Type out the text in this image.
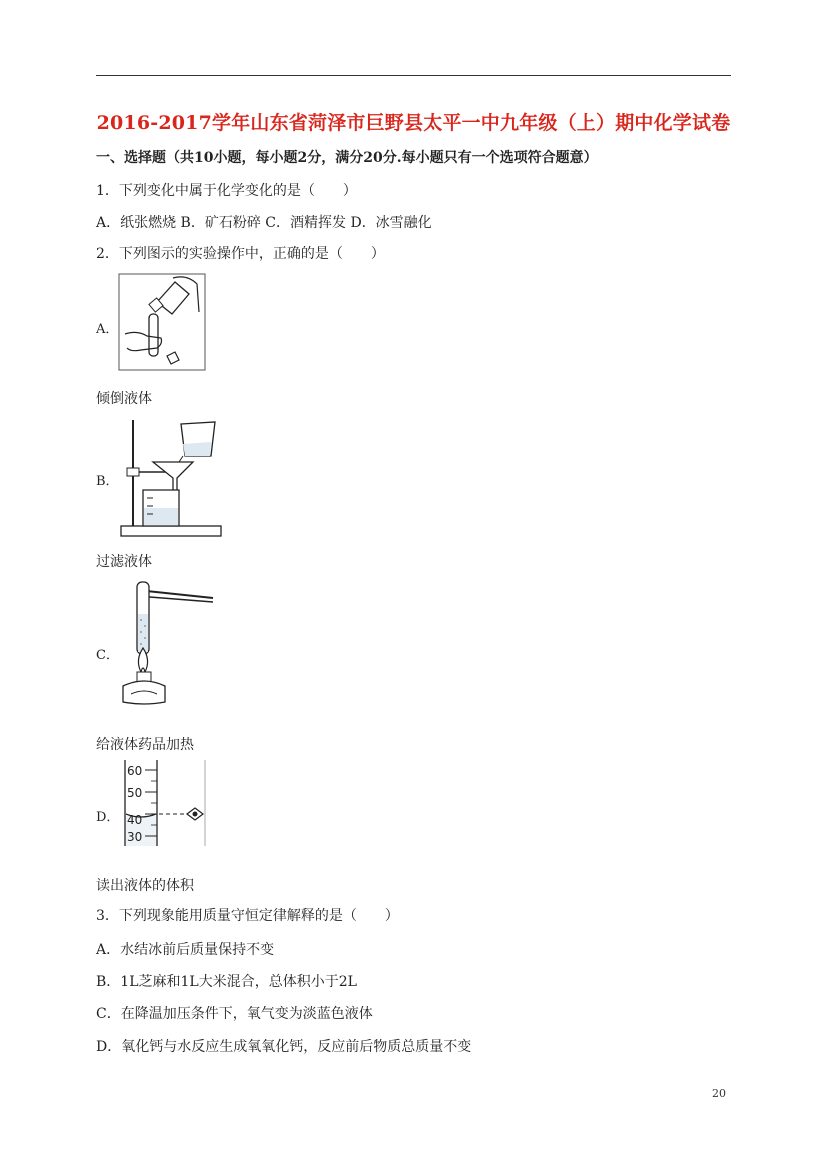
2016-2017学年山东省菏泽市巨野县太平一中九年级（上）期中化学试卷
一、选择题（共10小题，每小题2分，满分20分.每小题只有一个选项符合题意）
1．下列变化中属于化学变化的是（　　）
A．纸张燃烧 B．矿石粉碎 C．酒精挥发 D．冰雪融化
2．下列图示的实验操作中，正确的是（　　）
A．
倾倒液体
B．
过滤液体
C．
给液体药品加热
D．
60
50
40
30
读出液体的体积
3．下列现象能用质量守恒定律解释的是（　　）
A．水结冰前后质量保持不变
B．1L芝麻和1L大米混合，总体积小于2L
C．在降温加压条件下，氧气变为淡蓝色液体
D．氧化钙与水反应生成氧氧化钙，反应前后物质总质量不变
20
